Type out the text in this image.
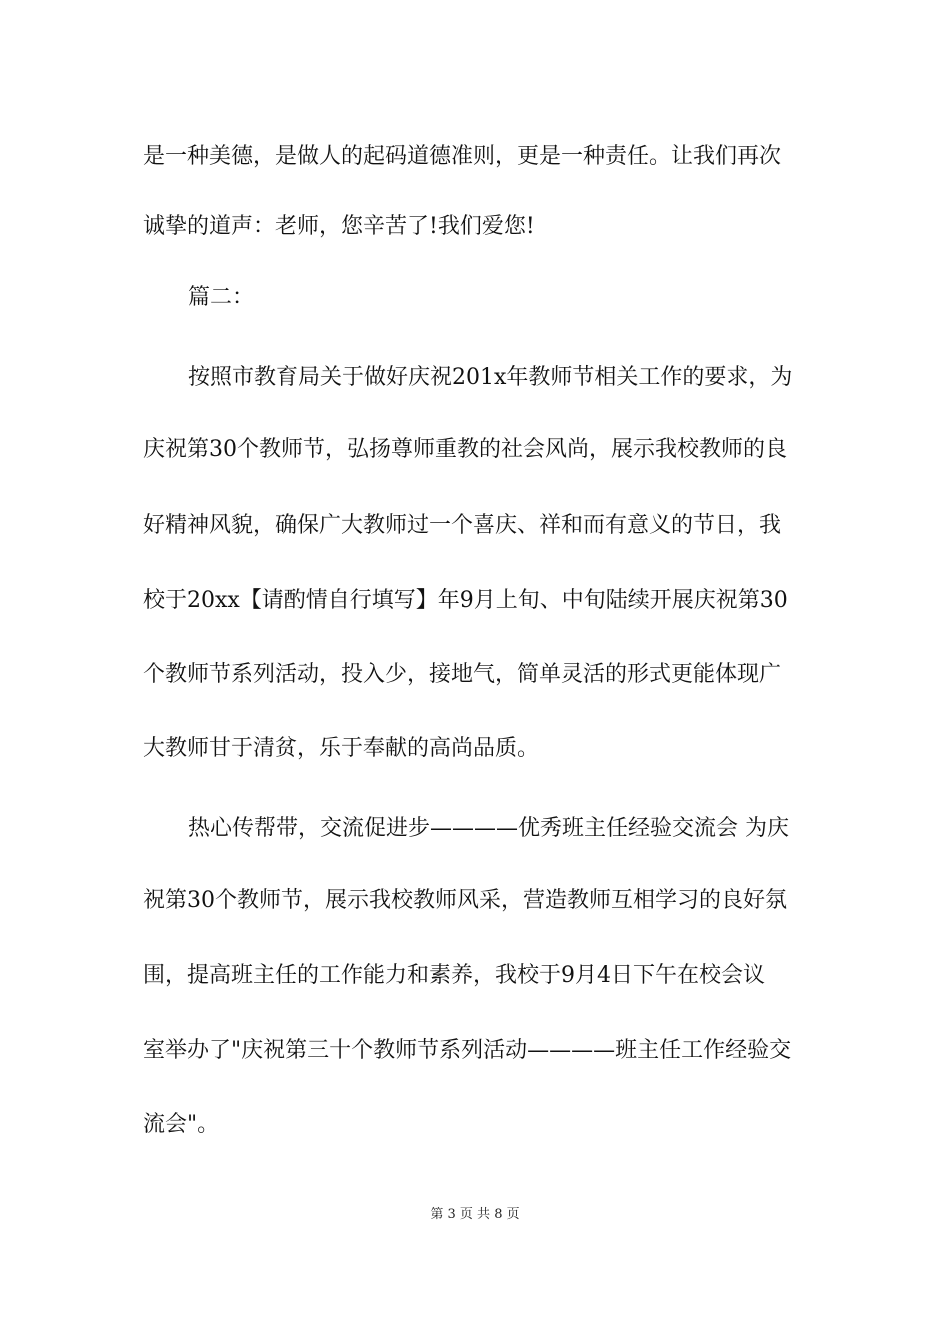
是一种美德，是做人的起码道德准则，更是一种责任。让我们再次
诚挚的道声：老师，您辛苦了!我们爱您!
篇二：
按照市教育局关于做好庆祝201x年教师节相关工作的要求，为
庆祝第30个教师节，弘扬尊师重教的社会风尚，展示我校教师的良
好精神风貌，确保广大教师过一个喜庆、祥和而有意义的节日，我
校于20xx【请酌情自行填写】年9月上旬、中旬陆续开展庆祝第30
个教师节系列活动，投入少，接地气，简单灵活的形式更能体现广
大教师甘于清贫，乐于奉献的高尚品质。
热心传帮带，交流促进步————优秀班主任经验交流会 为庆
祝第30个教师节，展示我校教师风采，营造教师互相学习的良好氛
围，提高班主任的工作能力和素养，我校于9月4日下午在校会议
室举办了"庆祝第三十个教师节系列活动————班主任工作经验交
流会"。
第 3 页 共 8 页
